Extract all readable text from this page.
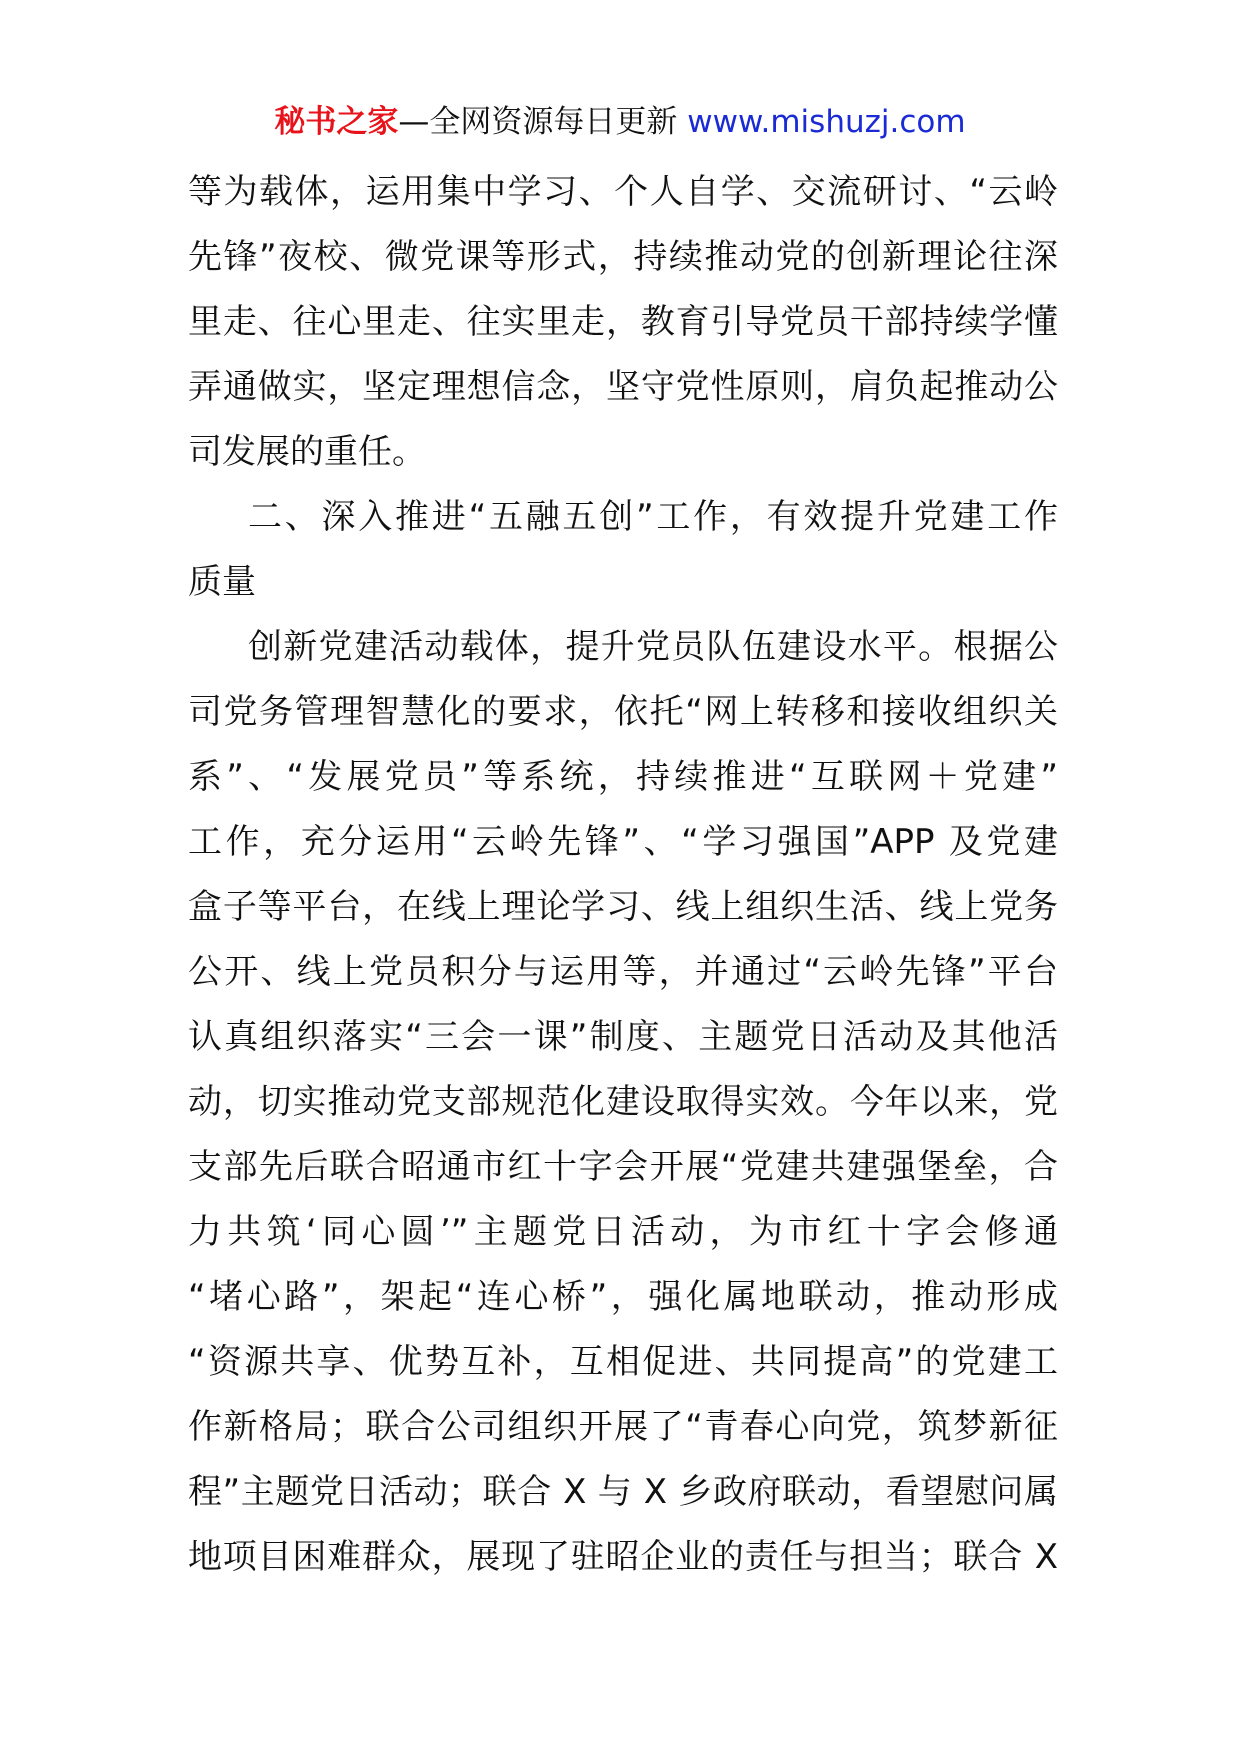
秘书之家—全网资源每日更新 www.mishuzj.com

等为载体，运用集中学习、个人自学、交流研讨、“云岭
先锋”夜校、微党课等形式，持续推动党的创新理论往深
里走、往心里走、往实里走，教育引导党员干部持续学懂
弄通做实，坚定理想信念，坚守党性原则，肩负起推动公
司发展的重任。

二、深入推进“五融五创”工作，有效提升党建工作
质量

创新党建活动载体，提升党员队伍建设水平。根据公
司党务管理智慧化的要求，依托“网上转移和接收组织关
系”、“发展党员”等系统，持续推进“互联网＋党建”
工作，充分运用“云岭先锋”、“学习强国”APP 及党建
盒子等平台，在线上理论学习、线上组织生活、线上党务
公开、线上党员积分与运用等，并通过“云岭先锋”平台
认真组织落实“三会一课”制度、主题党日活动及其他活
动，切实推动党支部规范化建设取得实效。今年以来，党
支部先后联合昭通市红十字会开展“党建共建强堡垒，合
力共筑‘同心圆’”主题党日活动，为市红十字会修通
“堵心路”，架起“连心桥”，强化属地联动，推动形成
“资源共享、优势互补，互相促进、共同提高”的党建工
作新格局；联合公司组织开展了“青春心向党，筑梦新征
程”主题党日活动；联合 X 与 X 乡政府联动，看望慰问属
地项目困难群众，展现了驻昭企业的责任与担当；联合 X
